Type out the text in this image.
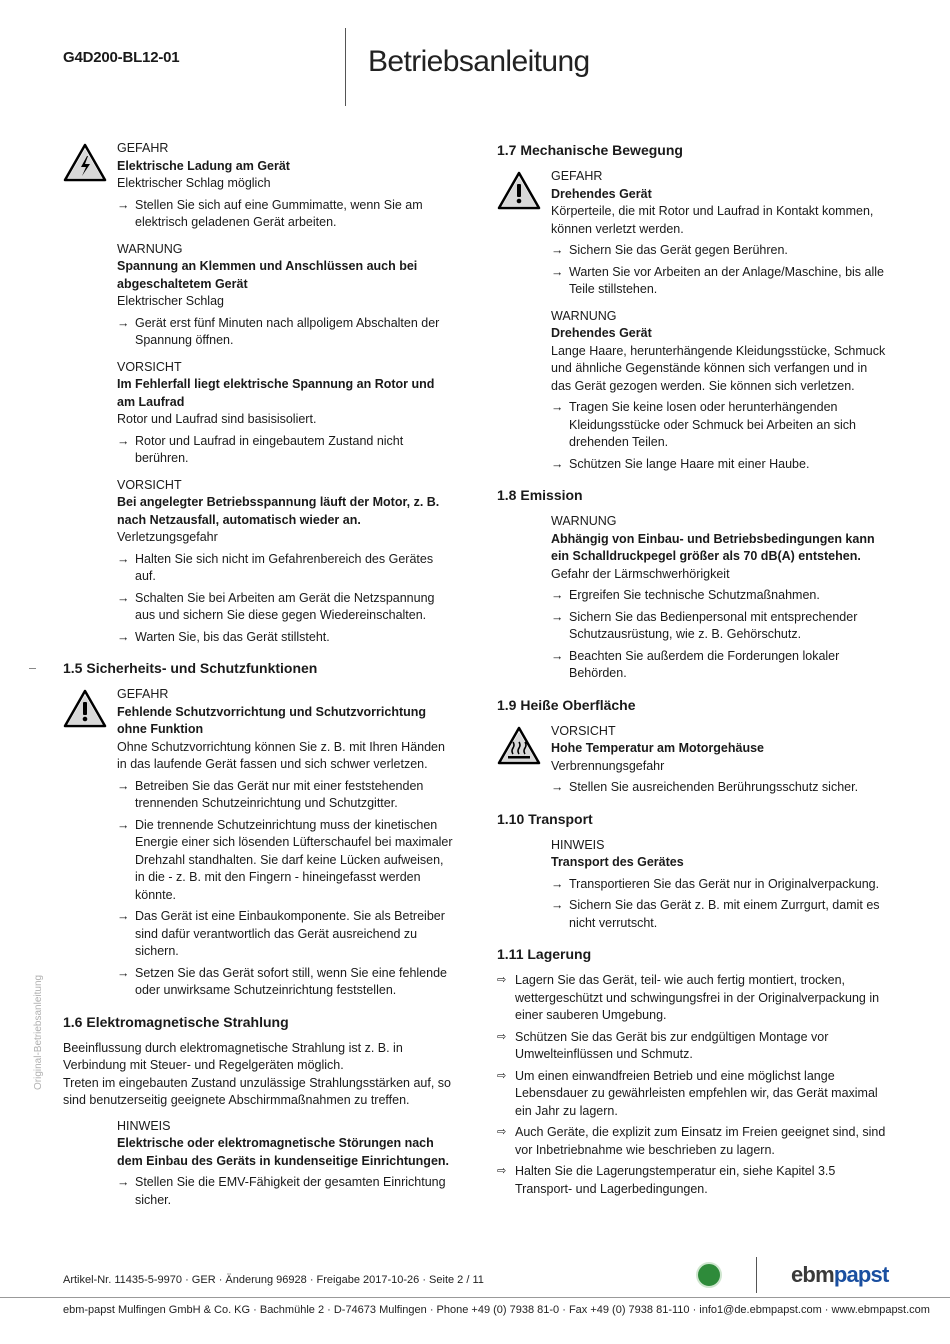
G4D200-BL12-01	Betriebsanleitung
Original-Betriebsanleitung
GEFAHR
Elektrische Ladung am Gerät
Elektrischer Schlag möglich
→ Stellen Sie sich auf eine Gummimatte, wenn Sie am elektrisch geladenen Gerät arbeiten.
WARNUNG
Spannung an Klemmen und Anschlüssen auch bei abgeschaltetem Gerät
Elektrischer Schlag
→ Gerät erst fünf Minuten nach allpoligem Abschalten der Spannung öffnen.
VORSICHT
Im Fehlerfall liegt elektrische Spannung an Rotor und am Laufrad
Rotor und Laufrad sind basisisoliert.
→ Rotor und Laufrad in eingebautem Zustand nicht berühren.
VORSICHT
Bei angelegter Betriebsspannung läuft der Motor, z. B. nach Netzausfall, automatisch wieder an.
Verletzungsgefahr
→ Halten Sie sich nicht im Gefahrenbereich des Gerätes auf.
→ Schalten Sie bei Arbeiten am Gerät die Netzspannung aus und sichern Sie diese gegen Wiedereinschalten.
→ Warten Sie, bis das Gerät stillsteht.
1.5 Sicherheits- und Schutzfunktionen
GEFAHR
Fehlende Schutzvorrichtung und Schutzvorrichtung ohne Funktion
Ohne Schutzvorrichtung können Sie z. B. mit Ihren Händen in das laufende Gerät fassen und sich schwer verletzen.
→ Betreiben Sie das Gerät nur mit einer feststehenden trennenden Schutzeinrichtung und Schutzgitter.
→ Die trennende Schutzeinrichtung muss der kinetischen Energie einer sich lösenden Lüfterschaufel bei maximaler Drehzahl standhalten. Sie darf keine Lücken aufweisen, in die - z. B. mit den Fingern - hineingefasst werden könnte.
→ Das Gerät ist eine Einbaukomponente. Sie als Betreiber sind dafür verantwortlich das Gerät ausreichend zu sichern.
→ Setzen Sie das Gerät sofort still, wenn Sie eine fehlende oder unwirksame Schutzeinrichtung feststellen.
1.6 Elektromagnetische Strahlung
Beeinflussung durch elektromagnetische Strahlung ist z. B. in Verbindung mit Steuer- und Regelgeräten möglich.
Treten im eingebauten Zustand unzulässige Strahlungsstärken auf, so sind benutzerseitig geeignete Abschirmmaßnahmen zu treffen.
HINWEIS
Elektrische oder elektromagnetische Störungen nach dem Einbau des Geräts in kundenseitige Einrichtungen.
→ Stellen Sie die EMV-Fähigkeit der gesamten Einrichtung sicher.
1.7 Mechanische Bewegung
GEFAHR
Drehendes Gerät
Körperteile, die mit Rotor und Laufrad in Kontakt kommen, können verletzt werden.
→ Sichern Sie das Gerät gegen Berühren.
→ Warten Sie vor Arbeiten an der Anlage/Maschine, bis alle Teile stillstehen.
WARNUNG
Drehendes Gerät
Lange Haare, herunterhängende Kleidungsstücke, Schmuck und ähnliche Gegenstände können sich verfangen und in das Gerät gezogen werden. Sie können sich verletzen.
→ Tragen Sie keine losen oder herunterhängenden Kleidungsstücke oder Schmuck bei Arbeiten an sich drehenden Teilen.
→ Schützen Sie lange Haare mit einer Haube.
1.8 Emission
WARNUNG
Abhängig von Einbau- und Betriebsbedingungen kann ein Schalldruckpegel größer als 70 dB(A) entstehen.
Gefahr der Lärmschwerhörigkeit
→ Ergreifen Sie technische Schutzmaßnahmen.
→ Sichern Sie das Bedienpersonal mit entsprechender Schutzausrüstung, wie z. B. Gehörschutz.
→ Beachten Sie außerdem die Forderungen lokaler Behörden.
1.9 Heiße Oberfläche
VORSICHT
Hohe Temperatur am Motorgehäuse
Verbrennungsgefahr
→ Stellen Sie ausreichenden Berührungsschutz sicher.
1.10 Transport
HINWEIS
Transport des Gerätes
→ Transportieren Sie das Gerät nur in Originalverpackung.
→ Sichern Sie das Gerät z. B. mit einem Zurrgurt, damit es nicht verrutscht.
1.11 Lagerung
⇨ Lagern Sie das Gerät, teil- wie auch fertig montiert, trocken, wettergeschützt und schwingungsfrei in der Originalverpackung in einer sauberen Umgebung.
⇨ Schützen Sie das Gerät bis zur endgültigen Montage vor Umwelteinflüssen und Schmutz.
⇨ Um einen einwandfreien Betrieb und eine möglichst lange Lebensdauer zu gewährleisten empfehlen wir, das Gerät maximal ein Jahr zu lagern.
⇨ Auch Geräte, die explizit zum Einsatz im Freien geeignet sind, sind vor Inbetriebnahme wie beschrieben zu lagern.
⇨ Halten Sie die Lagerungstemperatur ein, siehe Kapitel 3.5 Transport- und Lagerbedingungen.
Artikel-Nr. 11435-5-9970 · GER · Änderung 96928 · Freigabe 2017-10-26 · Seite 2 / 11	ebmpapst
ebm-papst Mulfingen GmbH & Co. KG · Bachmühle 2 · D-74673 Mulfingen · Phone +49 (0) 7938 81-0 · Fax +49 (0) 7938 81-110 · info1@de.ebmpapst.com · www.ebmpapst.com
